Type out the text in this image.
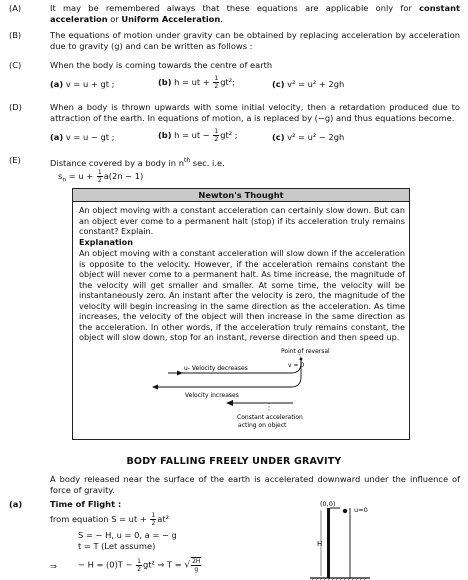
(A)	It may be remembered always that these equations are applicable only for constant acceleration or Uniform Acceleration.
(B)	The equations of motion under gravity can be obtained by replacing acceleration by acceleration due to gravity (g) and can be written as follows :
(C)	When the body is coming towards the centre of earth
(a) v = u + gt ;	(b) h = ut + $\frac{1}{2} gt^2$;	(c) v² = u² + 2gh
(D)	When a body is thrown upwards with some initial velocity, then a retardation produced due to attraction of the earth. In equations of motion, a is replaced by (−g) and thus equations become.
(a) v = u − gt ;	(b) h = ut − $\frac{1}{2} gt^2$ ;	(c) v² = u² − 2gh
(E)	Distance covered by a body in $n^{th}$ sec. i.e.
$s_n = u + \frac{1}{2} a(2n - 1)$
Newton's Thought
An object moving with a constant acceleration can certainly slow down. But can an object ever come to a permanent halt (stop) if its acceleration truly remains constant? Explain.
Explanation
An object moving with a constant acceleration will slow down if the acceleration is opposite to the velocity. However, if the acceleration remains constant the object will never come to a permanent halt. As time increase, the magnitude of the velocity will get smaller and smaller. At some time, the velocity will be instantaneously zero. An instant after the velocity is zero, the magnitude of the velocity will begin increasing in the same direction as the acceleration. As time increases, the velocity of the object will then increase in the same direction as the acceleration. In other words, if the acceleration truly remains constant, the object will slow down, stop for an instant, reverse direction and then speed up.
Point of reversal
v = 0
u- Velocity decreases
Velocity increases
Constant acceleration
acting on object
BODY FALLING FREELY UNDER GRAVITY
A body released near the surface of the earth is accelerated downward under the influence of force of gravity.
(a)	Time of Flight :
from equation S = ut + $\frac{1}{2} at^2$
S = − H, u = 0, a = − g
t = T (Let assume)
⇒	− $H = (0)T - \frac{1}{2} gt^2$ ⇒ T = √ $\frac{2H}{g}$
(0,0)
u=0
H
